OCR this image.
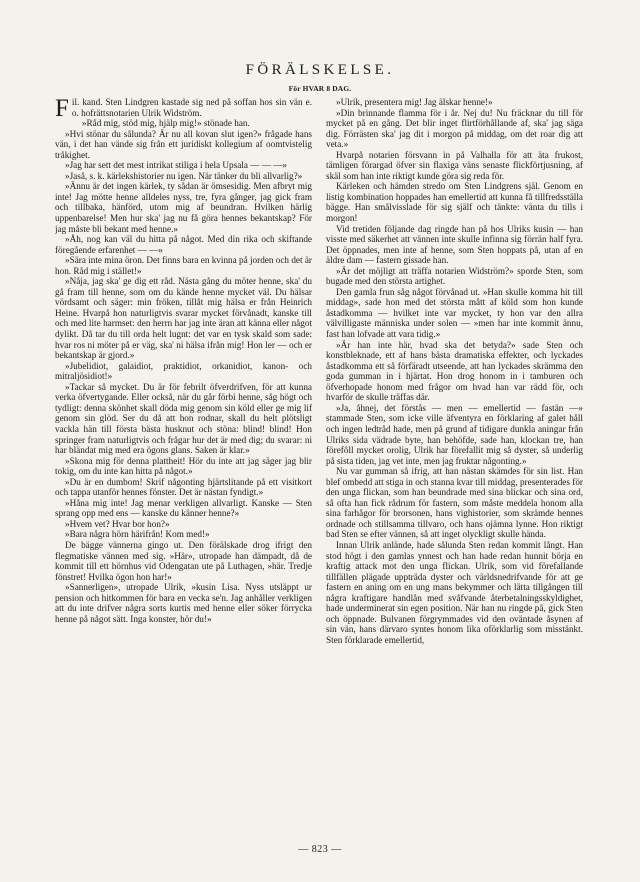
FÖRÄLSKELSE.
För HVAR 8 DAG.
F il. kand. Sten Lindgren kastade sig ned på soffan hos sin vän e. o. hofrättsnotarien Ulrik Widström.

»Råd mig, stöd mig, hjälp mig!» stönade han.

»Hvi stönar du sålunda? Är nu all kovan slut igen?» frågade hans vän, i det han vände sig från ett juridiskt kollegium af oomtvistelig tråkighet.

»Jag har sett det mest intrikat stiliga i hela Upsala — — —»

»Jaså, s. k. kärlekshistorier nu igen. När tänker du bli allvarlig?»

»Ännu är det ingen kärlek, ty sådan är ömsesidig. Men afbryt mig inte! Jag mötte henne alldeles nyss, tre, fyra gånger, jag gick fram och tillbaka, hänförd, utom mig af beundran. Hvilken härlig uppenbarelse! Men hur ska' jag nu få göra hennes bekantskap? För jag måste bli bekant med henne.»

»Åh, nog kan väl du hitta på något. Med din rika och skiftande föregående erfarenhet — —»

»Sära inte mina öron. Det finns bara en kvinna på jorden och det är hon. Råd mig i stället!»

»Nåja, jag ska' ge dig ett råd. Nästa gång du möter henne, ska' du gå fram till henne, som om du kände henne mycket väl. Du hälsar vördsamt och säger: min fröken, tillåt mig hälsa er från Heinrich Heine. Hvarpå hon naturligtvis svarar mycket förvånadt, kanske till och med lite harmset: den herrn har jag inte äran att känna eller något dylikt. Då tar du till orda helt lugnt: det var en tysk skald som sade: hvar ros ni möter på er väg, ska' ni hälsa ifrån mig! Hon ler — och er bekantskap är gjord.»

»Jubelidiot, galaidiot, praktidiot, orkanidiot, kanon- och mitraljösidiot!»

»Tackar så mycket. Du är för febrilt öfverdrifven, för att kunna verka öfvertygande. Eller också, när du går förbi henne, såg högt och tydligt: denna skönhet skall döda mig genom sin köld eller ge mig lif genom sin glöd. Ser du då att hon rodnar, skall du helt plötsligt vackla hän till första bästa husknut och stöna: blind! blind! Hon springer fram naturligtvis och frågar hur det är med dig; du svarar: ni har bländat mig med era ögons glans. Saken är klar.»

»Skona mig för denna plattheit! Hör du inte att jag säger jag blir tokig, om du inte kan hitta på något.»

»Du är en dumbom! Skrif någonting hjärtslitande på ett visitkort och tappa utanför hennes fönster. Det är nästan fyndigt.»

»Håna mig inte! Jag menar verkligen allvarligt. Kanske — Sten sprang opp med ens — kanske du känner henne?»

»Hvem vet? Hvar bor hon?»

»Bara några hörn härifrån! Kom med!»

De bägge vännerna gingo ut. Den förälskade drog ifrigt den flegmatiske vännen med sig. »Här», utropade han dämpadt, då de kommit till ett hörnhus vid Odengatan ute på Luthagen, »här. Tredje fönstret! Hvilka ögon hon har!»

»Sannerligen», utropade Ulrik, »kusin Lisa. Nyss utsläppt ur pension och hitkommen för bara en vecka se'n. Jag anhåller verkligen att du inte drifver några sorts kurtis med henne eller söker förrycka henne på något sätt. Inga konster, hör du!»

»Ulrik, presentera mig! Jag älskar henne!»

»Din brinnande flamma för i år. Nej du! Nu fräcknar du till för mycket på en gång. Det blir inget flirtförhållande af, ska' jag säga dig. Förrästen ska' jag dit i morgon på middag, om det roar dig att veta.»

Hvarpå notarien försvann in på Valhalla för att äta frukost, tämligen förargad öfver sin flaxiga väns senaste flickförtjusning, af skäl som han inte riktigt kunde göra sig reda för.

Kärleken och hämden stredo om Sten Lindgrens själ. Genom en listig kombination hoppades han emellertid att kunna få tillfredsställa bägge. Han smålvisslade för sig själf och tänkte: vänta du tills i morgon!

Vid tretiden följande dag ringde han på hos Ulriks kusin — han visste med säkerhet att vännen inte skulle infinna sig förrän half fyra. Det öppnades, men inte af henne, som Sten hoppats på, utan af en äldre dam — fastern gissade han.

»Är det möjligt att träffa notarien Widström?» sporde Sten, som bugade med den största artighet.

Den gamla frun såg något förvånad ut. »Han skulle komma hit till middag», sade hon med det största mått af köld som hon kunde åstadkomma — hvilket inte var mycket, ty hon var den allra välvilligaste människa under solen — »men har inte kommit ännu, fast han lofvade att vara tidig.»

»Är han inte här, hvad ska det betyda?» sade Sten och konstbleknade, ett af hans bästa dramatiska effekter, och lyckades åstadkomma ett så förfäradt utseende, att han lyckades skrämma den goda gumman in i hjärtat. Hon drog honom in i tamburen och öfverhopade honom med frågor om hvad han var rädd för, och hvarför de skulle träffas där.

»Ja, åhnej, det förstås — men — emellertid — fastän —» stammade Sten, som icke ville äfventyra en förklaring af galet håll och ingen ledtråd hade, men på grund af tidigare dunkla aningar från Ulriks sida vädrade byte, han behöfde, sade han, klockan tre, han förefôll mycket orolig, Ulrik har förefallit mig så dyster, så underlig på sista tiden, jag vet inte, men jag fruktar någonting.»

Nu var gumman så ifrig, att han nästan skämdes för sin list. Han blef ombedd att stiga in och stanna kvar till middag, presenterades för den unga flickan, som han beundrade med sina blickar och sina ord, så ofta han fick rådrum för fastern, som måste meddela honom alla sina farhågor för brorsonen, hans vighistorier, som skrämde hennes ordnade och stillsamma tillvaro, och hans ojämna lynne. Hon riktigt bad Sten se efter vännen, så att inget olyckligt skulle hända.

Innan Ulrik anlände, hade sålunda Sten redan kommit långt. Han stod högt i den gamlas ynnest och han hade redan hunnit börja en kraftig attack mot den unga flickan. Ulrik, som vid förefallande tillfällen plägade uppträda dyster och världsnedrifvande för att ge fastern en aning om en ung mans bekymmer och lätta tillgången till några kraftigare handlån med svåfvande återbetalningsskyldighet, hade underminerat sin egen position. När han nu ringde på, gick Sten och öppnade. Bulvanen förgrymmades vid den oväntade åsynen af sin vän, hans därvaro syntes honom lika oförklarlig som misstänkt. Sten förklarade emellertid,

— 823 —
